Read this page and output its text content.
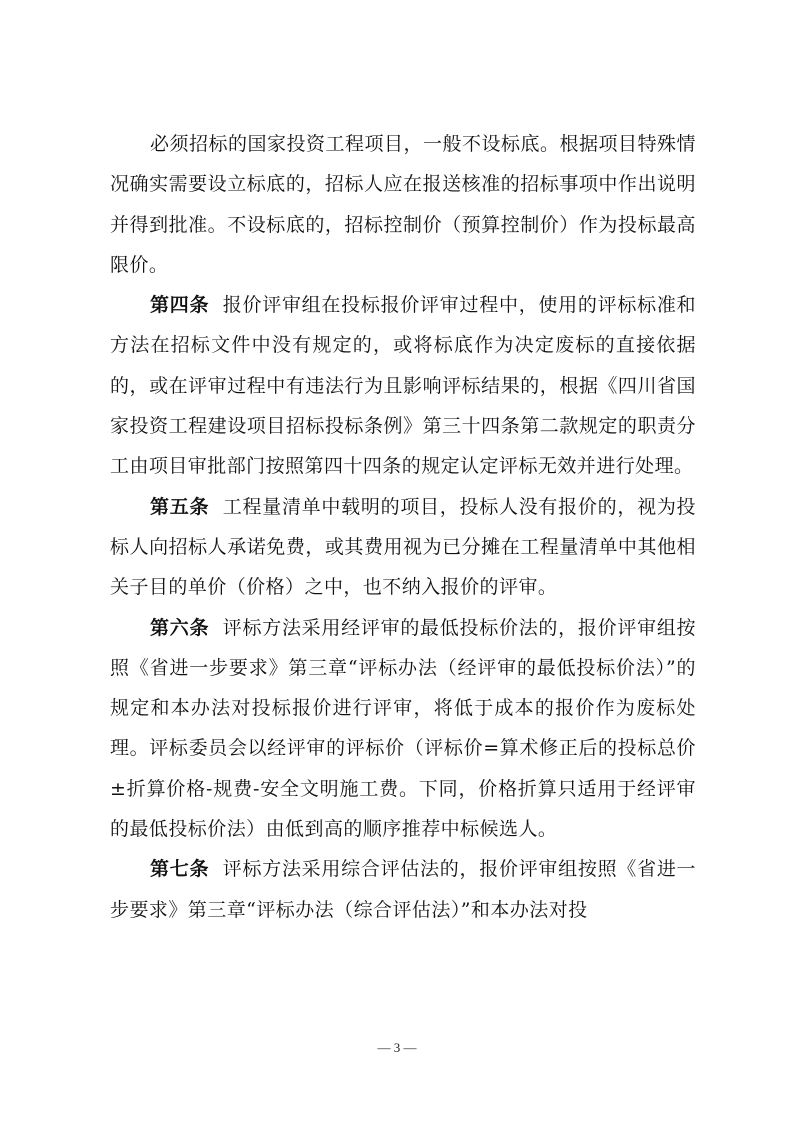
必须招标的国家投资工程项目，一般不设标底。根据项目特殊情况确实需要设立标底的，招标人应在报送核准的招标事项中作出说明并得到批准。不设标底的，招标控制价（预算控制价）作为投标最高限价。

第四条 报价评审组在投标报价评审过程中，使用的评标标准和方法在招标文件中没有规定的，或将标底作为决定废标的直接依据的，或在评审过程中有违法行为且影响评标结果的，根据《四川省国家投资工程建设项目招标投标条例》第三十四条第二款规定的职责分工由项目审批部门按照第四十四条的规定认定评标无效并进行处理。

第五条 工程量清单中载明的项目，投标人没有报价的，视为投标人向招标人承诺免费，或其费用视为已分摊在工程量清单中其他相关子目的单价（价格）之中，也不纳入报价的评审。

第六条 评标方法采用经评审的最低投标价法的，报价评审组按照《省进一步要求》第三章“评标办法（经评审的最低投标价法）”的规定和本办法对投标报价进行评审，将低于成本的报价作为废标处理。评标委员会以经评审的评标价（评标价=算术修正后的投标总价±折算价格-规费-安全文明施工费。下同，价格折算只适用于经评审的最低投标价法）由低到高的顺序推荐中标候选人。

第七条 评标方法采用综合评估法的，报价评审组按照《省进一步要求》第三章“评标办法（综合评估法）”和本办法对投

— 3 —
